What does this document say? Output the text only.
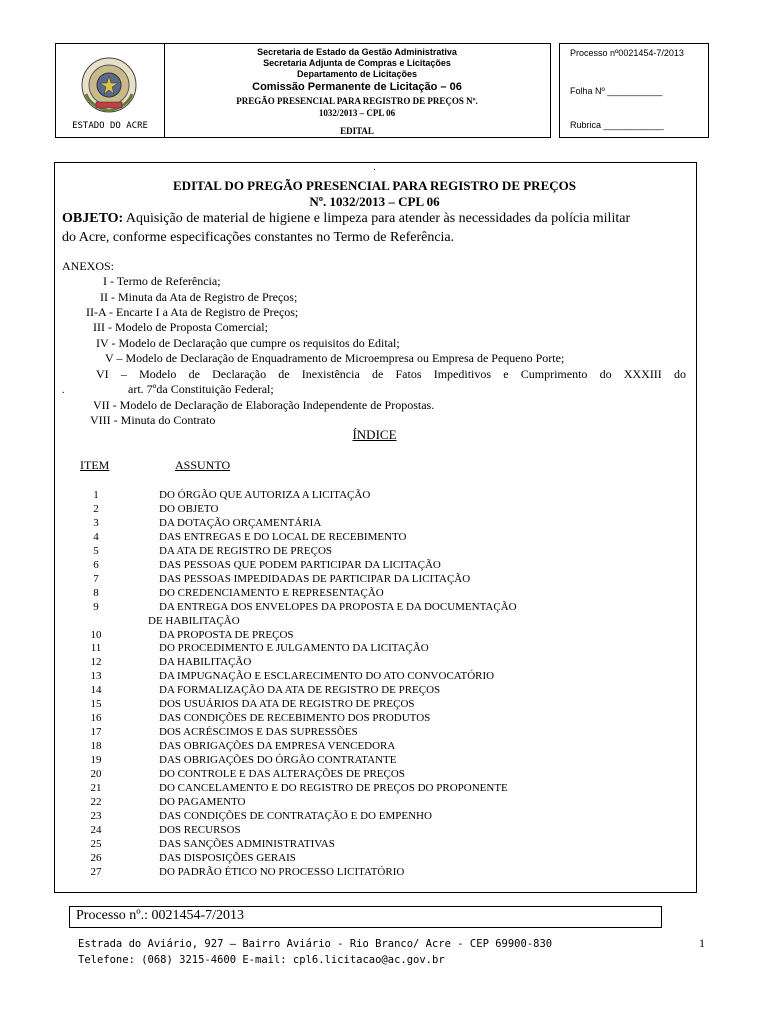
ESTADO DO ACRE
Secretaria de Estado da Gestão Administrativa
Secretaria Adjunta de Compras e Licitações
Departamento de Licitações
Comissão Permanente de Licitação – 06
PREGÃO PRESENCIAL PARA REGISTRO DE PREÇOS Nº.
1032/2013 – CPL 06
EDITAL
Processo nº0021454-7/2013
Folha Nº ___________
Rubrica ____________
.
EDITAL DO PREGÃO PRESENCIAL PARA REGISTRO DE PREÇOS
Nº. 1032/2013 – CPL 06
OBJETO: Aquisição de material de higiene e limpeza para atender às necessidades da polícia militar
do Acre, conforme especificações constantes no Termo de Referência.
ANEXOS:
I - Termo de Referência;
II - Minuta da Ata de Registro de Preços;
II-A - Encarte I a Ata de Registro de Preços;
III - Modelo de Proposta Comercial;
IV - Modelo de Declaração que cumpre os requisitos do Edital;
V – Modelo de Declaração de Enquadramento de Microempresa ou Empresa de Pequeno Porte;
VI – Modelo de Declaração de Inexistência de Fatos Impeditivos e Cumprimento do XXXIII do
art. 7ºda Constituição Federal;
VII - Modelo de Declaração de Elaboração Independente de Propostas.
VIII - Minuta do Contrato
.
ÍNDICE
ITEM	ASSUNTO
1	DO ÓRGÃO QUE AUTORIZA A LICITAÇÃO
2	DO OBJETO
3	DA DOTAÇÃO ORÇAMENTÁRIA
4	DAS ENTREGAS E DO LOCAL DE RECEBIMENTO
5	DA ATA DE REGISTRO DE PREÇOS
6	DAS PESSOAS QUE PODEM PARTICIPAR DA LICITAÇÃO
7	DAS PESSOAS IMPEDIDADAS DE PARTICIPAR DA LICITAÇÃO
8	DO CREDENCIAMENTO E REPRESENTAÇÃO
9	DA ENTREGA DOS ENVELOPES DA PROPOSTA E DA DOCUMENTAÇÃO
DE HABILITAÇÃO
10	DA PROPOSTA DE PREÇOS
11	DO PROCEDIMENTO E JULGAMENTO DA LICITAÇÃO
12	DA HABILITAÇÃO
13	DA IMPUGNAÇÃO E ESCLARECIMENTO DO ATO CONVOCATÓRIO
14	DA FORMALIZAÇÃO DA ATA DE REGISTRO DE PREÇOS
15	DOS USUÁRIOS DA ATA DE REGISTRO DE PREÇOS
16	DAS CONDIÇÕES DE RECEBIMENTO DOS PRODUTOS
17	DOS ACRÉSCIMOS E DAS SUPRESSÕES
18	DAS OBRIGAÇÕES DA EMPRESA VENCEDORA
19	DAS OBRIGAÇÕES DO ÓRGÃO CONTRATANTE
20	DO CONTROLE E DAS ALTERAÇÕES DE PREÇOS
21	DO CANCELAMENTO E DO REGISTRO DE PREÇOS DO PROPONENTE
22	DO PAGAMENTO
23	DAS CONDIÇÕES DE CONTRATAÇÃO E DO EMPENHO
24	DOS RECURSOS
25	DAS SANÇÕES ADMINISTRATIVAS
26	DAS DISPOSIÇÕES GERAIS
27	DO PADRÃO ÉTICO NO PROCESSO LICITATÓRIO
Processo nº.: 0021454-7/2013
1
Estrada do Aviário, 927 – Bairro Aviário - Rio Branco/ Acre - CEP 69900-830
Telefone: (068) 3215-4600 E-mail: cpl6.licitacao@ac.gov.br
